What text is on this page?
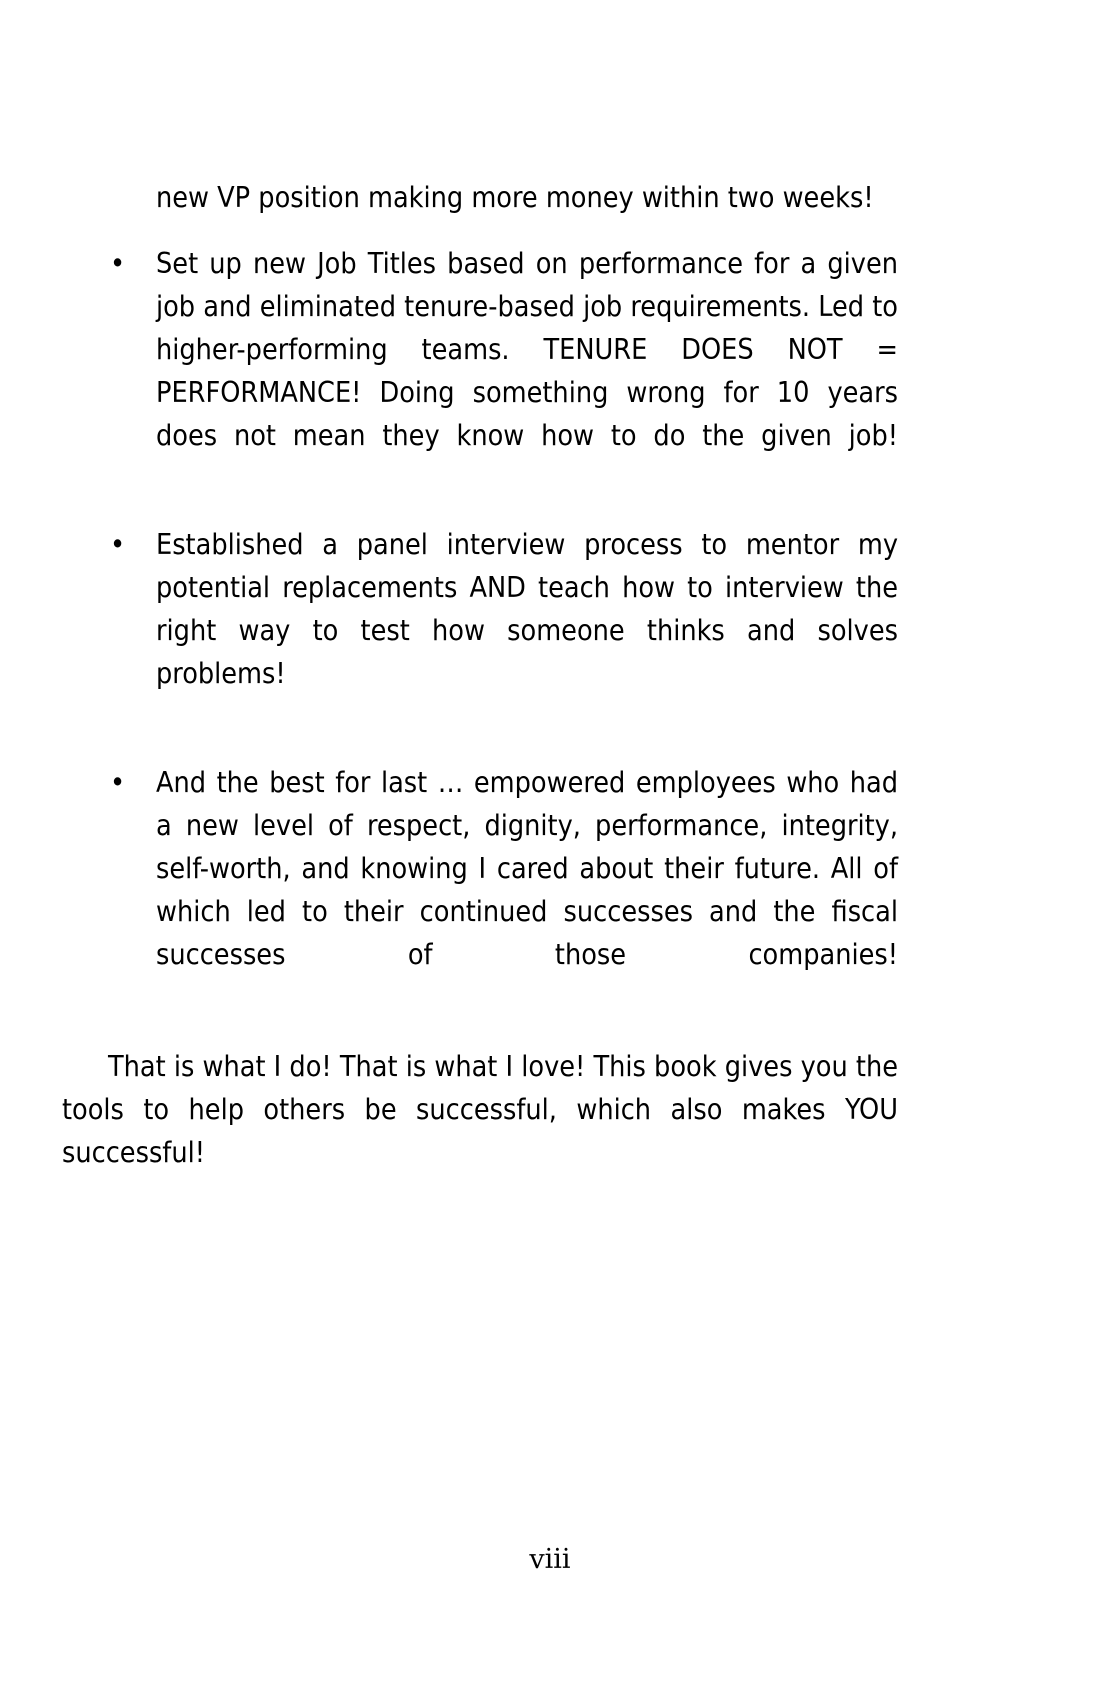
new VP position making more money within two weeks!

• Set up new Job Titles based on performance for a given job and eliminated tenure-based job requirements. Led to higher-performing teams. TENURE DOES NOT = PERFORMANCE! Doing something wrong for 10 years does not mean they know how to do the given job!
• Established a panel interview process to mentor my potential replacements AND teach how to interview the right way to test how someone thinks and solves problems!
• And the best for last … empowered employees who had a new level of respect, dignity, performance, integrity, self-worth, and knowing I cared about their future. All of which led to their continued successes and the fiscal successes of those companies!

That is what I do! That is what I love! This book gives you the tools to help others be successful, which also makes YOU successful!

viii
